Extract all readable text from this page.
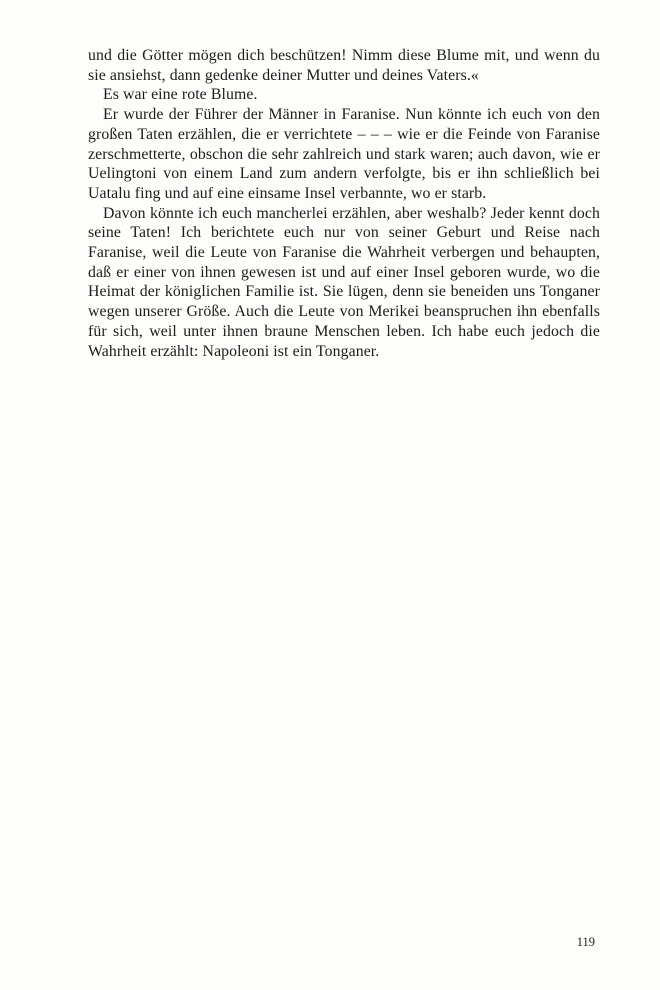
und die Götter mögen dich beschützen! Nimm diese Blume mit, und wenn du sie ansiehst, dann gedenke deiner Mutter und deines Vaters.«

Es war eine rote Blume.

Er wurde der Führer der Männer in Faranise. Nun könnte ich euch von den großen Taten erzählen, die er verrichtete – – – wie er die Feinde von Faranise zerschmetterte, obschon die sehr zahlreich und stark waren; auch davon, wie er Uelingtoni von einem Land zum andern verfolgte, bis er ihn schließlich bei Uatalu fing und auf eine einsame Insel verbannte, wo er starb.

Davon könnte ich euch mancherlei erzählen, aber weshalb? Jeder kennt doch seine Taten! Ich berichtete euch nur von seiner Geburt und Reise nach Faranise, weil die Leute von Faranise die Wahrheit verbergen und behaupten, daß er einer von ihnen gewesen ist und auf einer Insel geboren wurde, wo die Heimat der königlichen Familie ist. Sie lügen, denn sie beneiden uns Tonganer wegen unserer Größe. Auch die Leute von Merikei beanspruchen ihn ebenfalls für sich, weil unter ihnen braune Menschen leben. Ich habe euch jedoch die Wahrheit erzählt: Napoleoni ist ein Tonganer.

119
